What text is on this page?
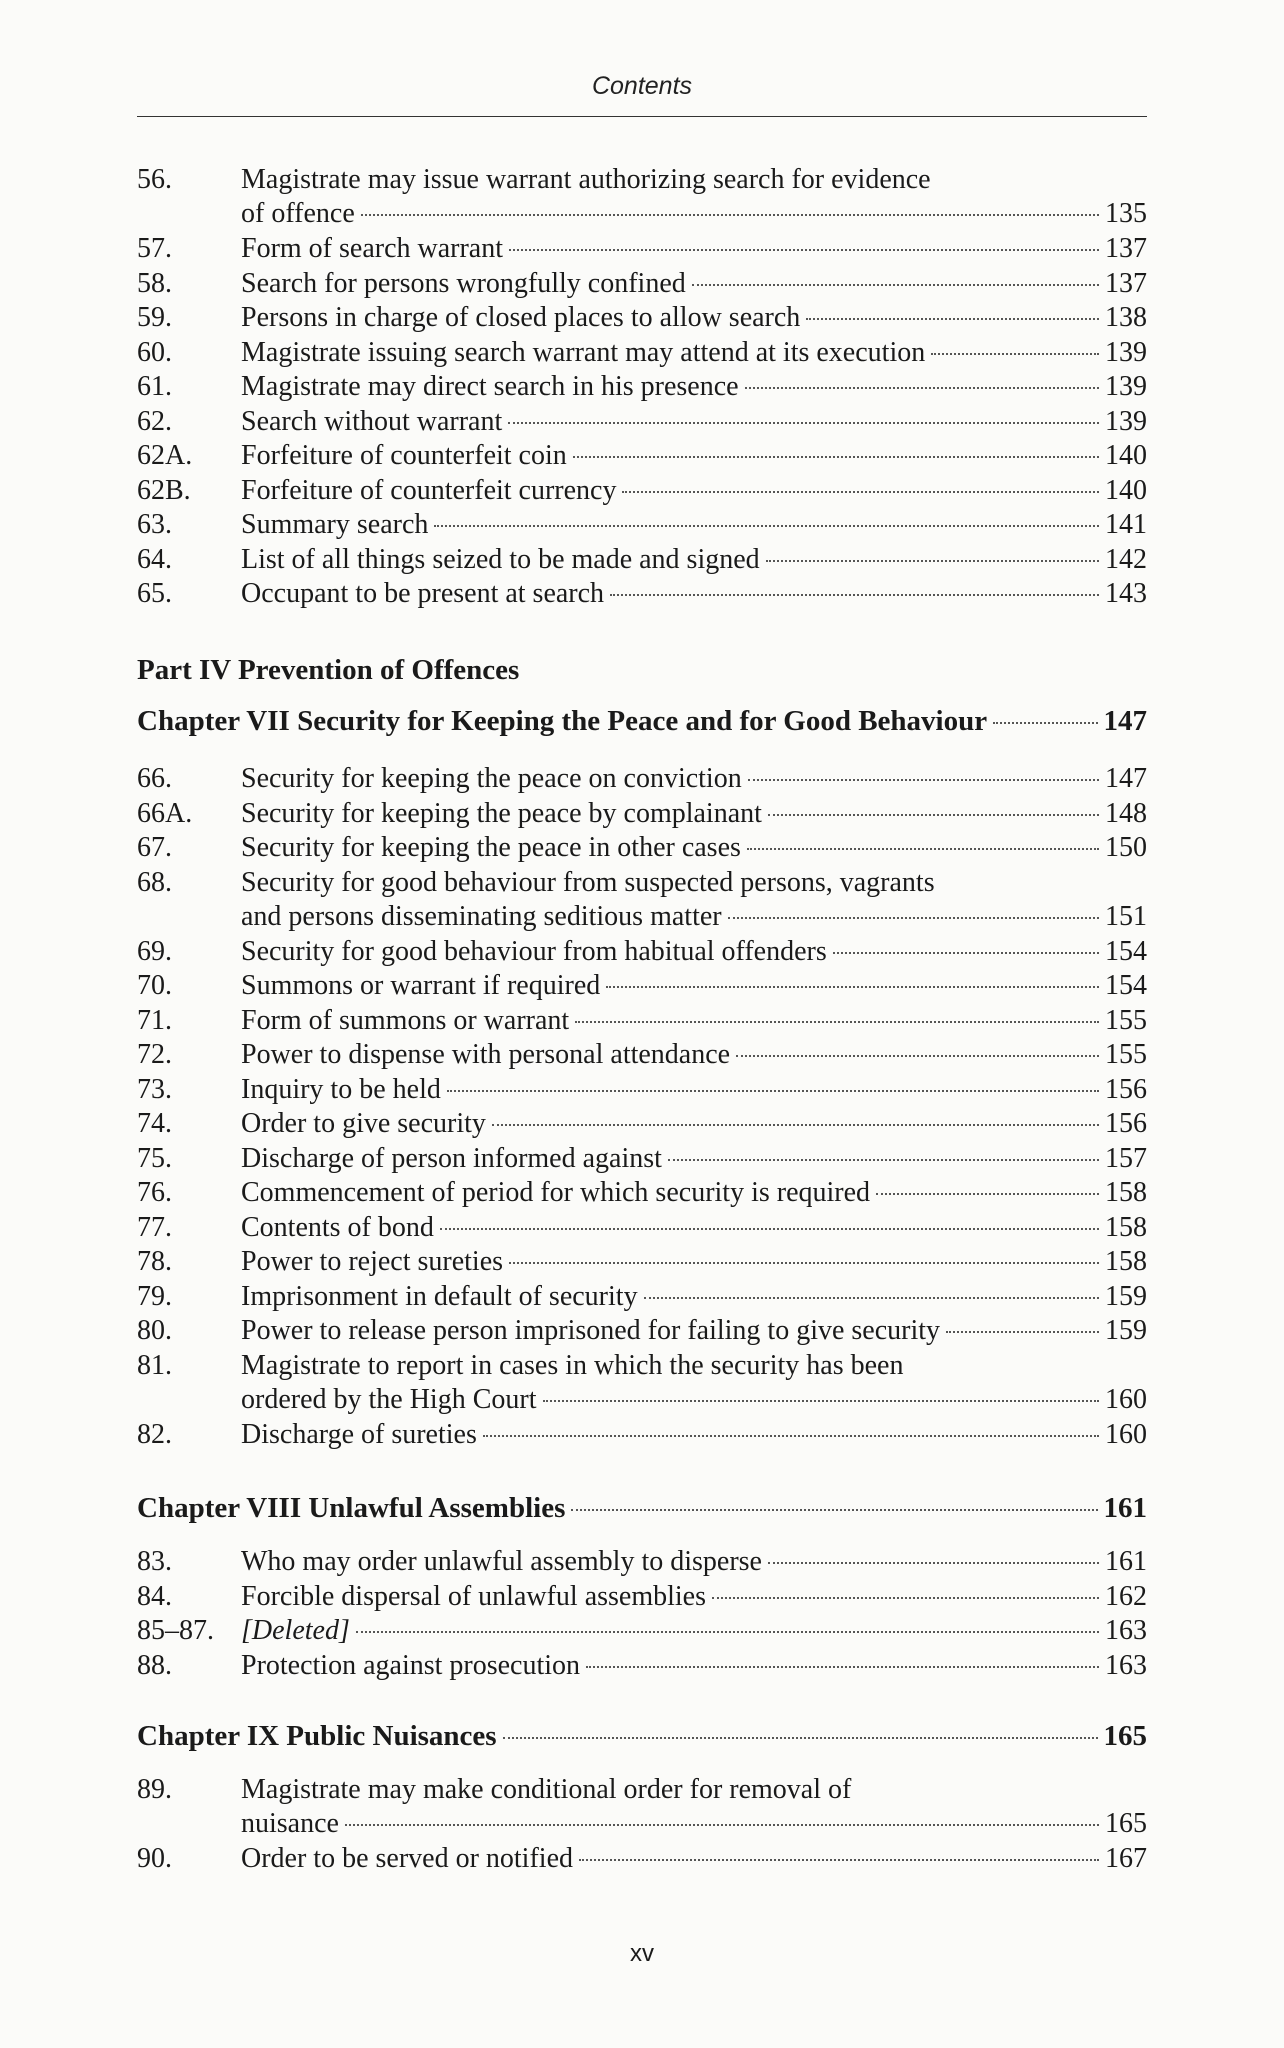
Contents
56.	Magistrate may issue warrant authorizing search for evidence
of offence	135
57.	Form of search warrant	137
58.	Search for persons wrongfully confined	137
59.	Persons in charge of closed places to allow search	138
60.	Magistrate issuing search warrant may attend at its execution	139
61.	Magistrate may direct search in his presence	139
62.	Search without warrant	139
62A.	Forfeiture of counterfeit coin	140
62B.	Forfeiture of counterfeit currency	140
63.	Summary search	141
64.	List of all things seized to be made and signed	142
65.	Occupant to be present at search	143
Part IV Prevention of Offences
Chapter VII Security for Keeping the Peace and for Good Behaviour	147
66.	Security for keeping the peace on conviction	147
66A.	Security for keeping the peace by complainant	148
67.	Security for keeping the peace in other cases	150
68.	Security for good behaviour from suspected persons, vagrants
and persons disseminating seditious matter	151
69.	Security for good behaviour from habitual offenders	154
70.	Summons or warrant if required	154
71.	Form of summons or warrant	155
72.	Power to dispense with personal attendance	155
73.	Inquiry to be held	156
74.	Order to give security	156
75.	Discharge of person informed against	157
76.	Commencement of period for which security is required	158
77.	Contents of bond	158
78.	Power to reject sureties	158
79.	Imprisonment in default of security	159
80.	Power to release person imprisoned for failing to give security	159
81.	Magistrate to report in cases in which the security has been
ordered by the High Court	160
82.	Discharge of sureties	160
Chapter VIII Unlawful Assemblies	161
83.	Who may order unlawful assembly to disperse	161
84.	Forcible dispersal of unlawful assemblies	162
85–87. [Deleted]	163
88.	Protection against prosecution	163
Chapter IX Public Nuisances	165
89.	Magistrate may make conditional order for removal of
nuisance	165
90.	Order to be served or notified	167
xv
